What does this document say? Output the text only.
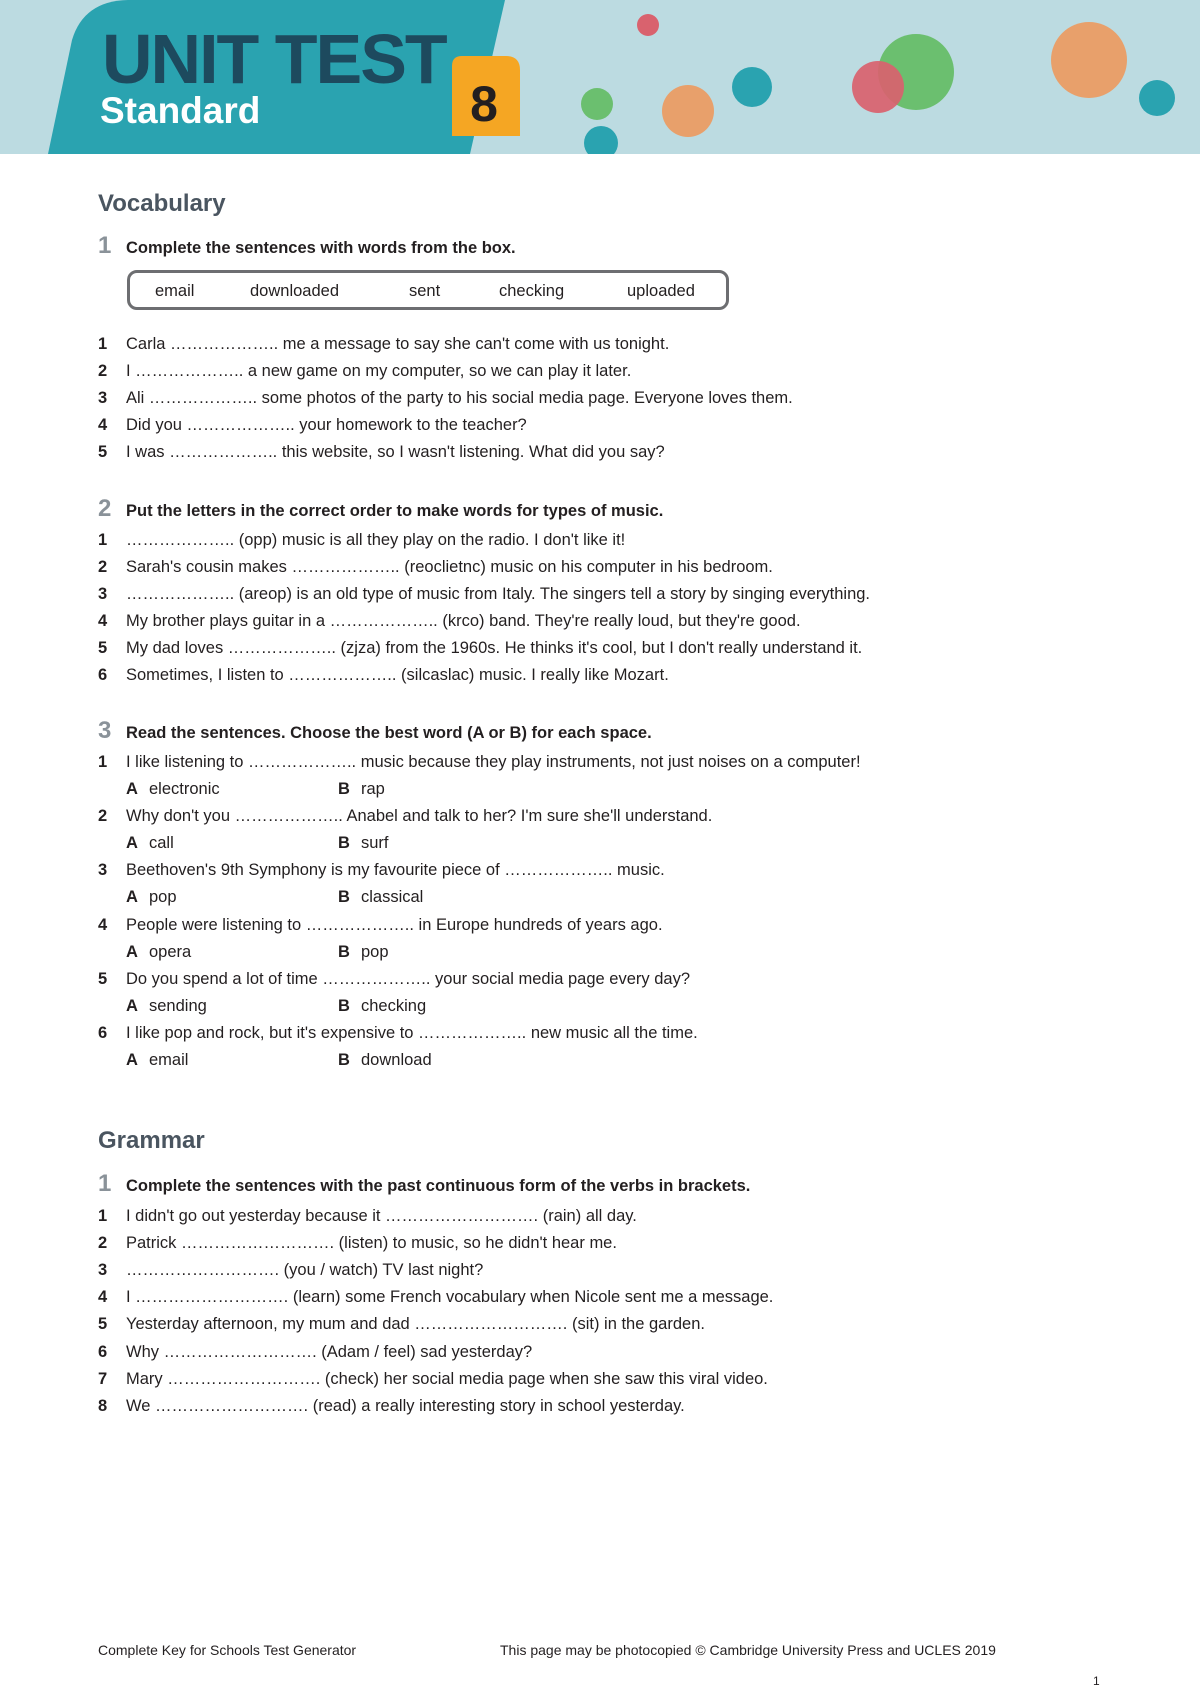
UNIT TEST
Standard	8
Vocabulary
1 Complete the sentences with words from the box.
email	downloaded	sent	checking	uploaded
1 Carla ……………….. me a message to say she can't come with us tonight.
2 I ……………….. a new game on my computer, so we can play it later.
3 Ali ……………….. some photos of the party to his social media page. Everyone loves them.
4 Did you ……………….. your homework to the teacher?
5 I was ……………….. this website, so I wasn't listening. What did you say?
2 Put the letters in the correct order to make words for types of music.
1 ……………….. (opp) music is all they play on the radio. I don't like it!
2 Sarah's cousin makes ……………….. (reoclietnc) music on his computer in his bedroom.
3 ……………….. (areop) is an old type of music from Italy. The singers tell a story by singing everything.
4 My brother plays guitar in a ……………….. (krco) band. They're really loud, but they're good.
5 My dad loves ……………….. (zjza) from the 1960s. He thinks it's cool, but I don't really understand it.
6 Sometimes, I listen to ……………….. (silcaslac) music. I really like Mozart.
3 Read the sentences. Choose the best word (A or B) for each space.
1 I like listening to ……………….. music because they play instruments, not just noises on a computer!
A electronic	B rap
2 Why don't you ……………….. Anabel and talk to her? I'm sure she'll understand.
A call	B surf
3 Beethoven's 9th Symphony is my favourite piece of ……………….. music.
A pop	B classical
4 People were listening to ……………….. in Europe hundreds of years ago.
A opera	B pop
5 Do you spend a lot of time ……………….. your social media page every day?
A sending	B checking
6 I like pop and rock, but it's expensive to ……………….. new music all the time.
A email	B download
Grammar
1 Complete the sentences with the past continuous form of the verbs in brackets.
1 I didn't go out yesterday because it ………………………. (rain) all day.
2 Patrick ………………………. (listen) to music, so he didn't hear me.
3 ………………………. (you / watch) TV last night?
4 I ………………………. (learn) some French vocabulary when Nicole sent me a message.
5 Yesterday afternoon, my mum and dad ………………………. (sit) in the garden.
6 Why ………………………. (Adam / feel) sad yesterday?
7 Mary ………………………. (check) her social media page when she saw this viral video.
8 We ………………………. (read) a really interesting story in school yesterday.
Complete Key for Schools Test Generator	This page may be photocopied © Cambridge University Press and UCLES 2019
1
